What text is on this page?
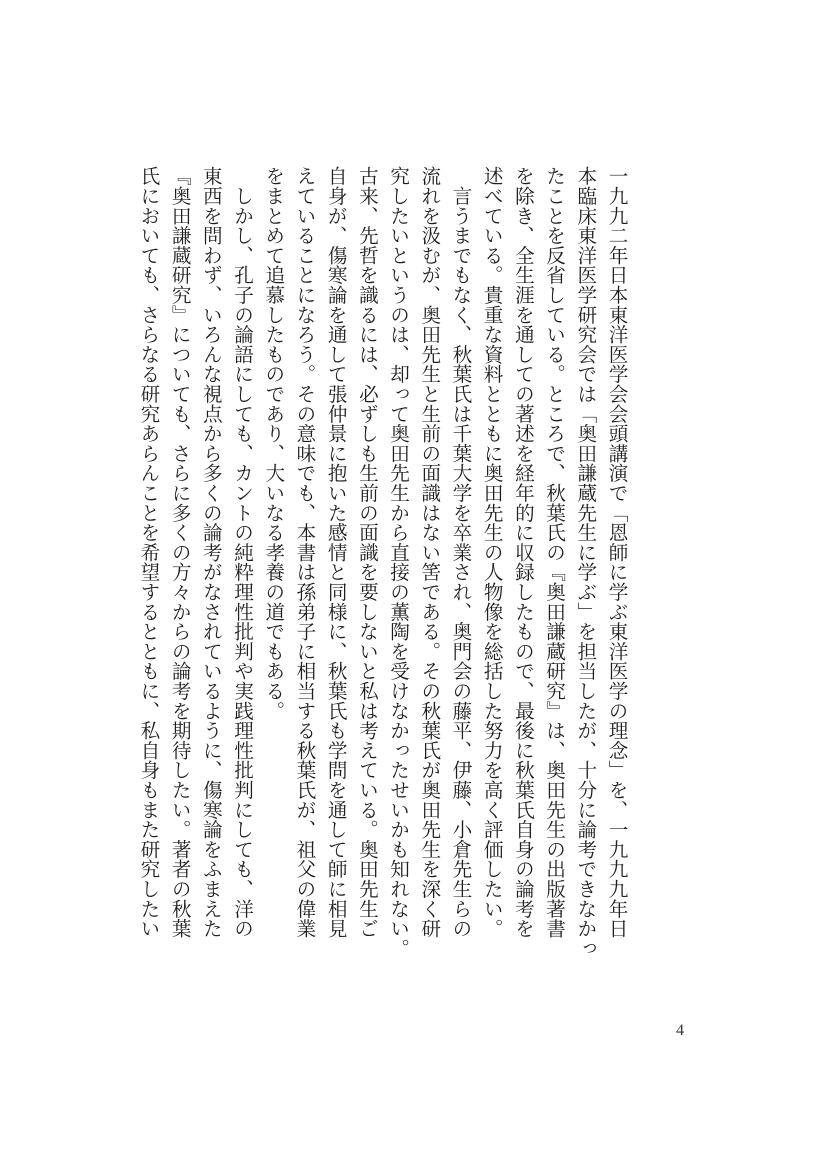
一九九二年日本東洋医学会会頭講演で「恩師に学ぶ東洋医学の理念」を、一九九九年日
本臨床東洋医学研究会では「奥田謙蔵先生に学ぶ」を担当したが、十分に論考できなかっ
たことを反省している。ところで、秋葉氏の『奥田謙蔵研究』は、奥田先生の出版著書
を除き、全生涯を通しての著述を経年的に収録したもので、最後に秋葉氏自身の論考を
述べている。貴重な資料とともに奥田先生の人物像を総括した努力を高く評価したい。
　言うまでもなく、秋葉氏は千葉大学を卒業され、奥門会の藤平、伊藤、小倉先生らの
流れを汲むが、奥田先生と生前の面識はない筈である。その秋葉氏が奥田先生を深く研
究したいというのは、却って奥田先生から直接の薫陶を受けなかったせいかも知れない。
古来、先哲を識るには、必ずしも生前の面識を要しないと私は考えている。奥田先生ご
自身が、傷寒論を通して張仲景に抱いた感情と同様に、秋葉氏も学問を通して師に相見
えていることになろう。その意味でも、本書は孫弟子に相当する秋葉氏が、祖父の偉業
をまとめて追慕したものであり、大いなる孝養の道でもある。
　しかし、孔子の論語にしても、カントの純粋理性批判や実践理性批判にしても、洋の
東西を問わず、いろんな視点から多くの論考がなされているように、傷寒論をふまえた
『奥田謙蔵研究』についても、さらに多くの方々からの論考を期待したい。著者の秋葉
氏においても、さらなる研究あらんことを希望するとともに、私自身もまた研究したい
4
